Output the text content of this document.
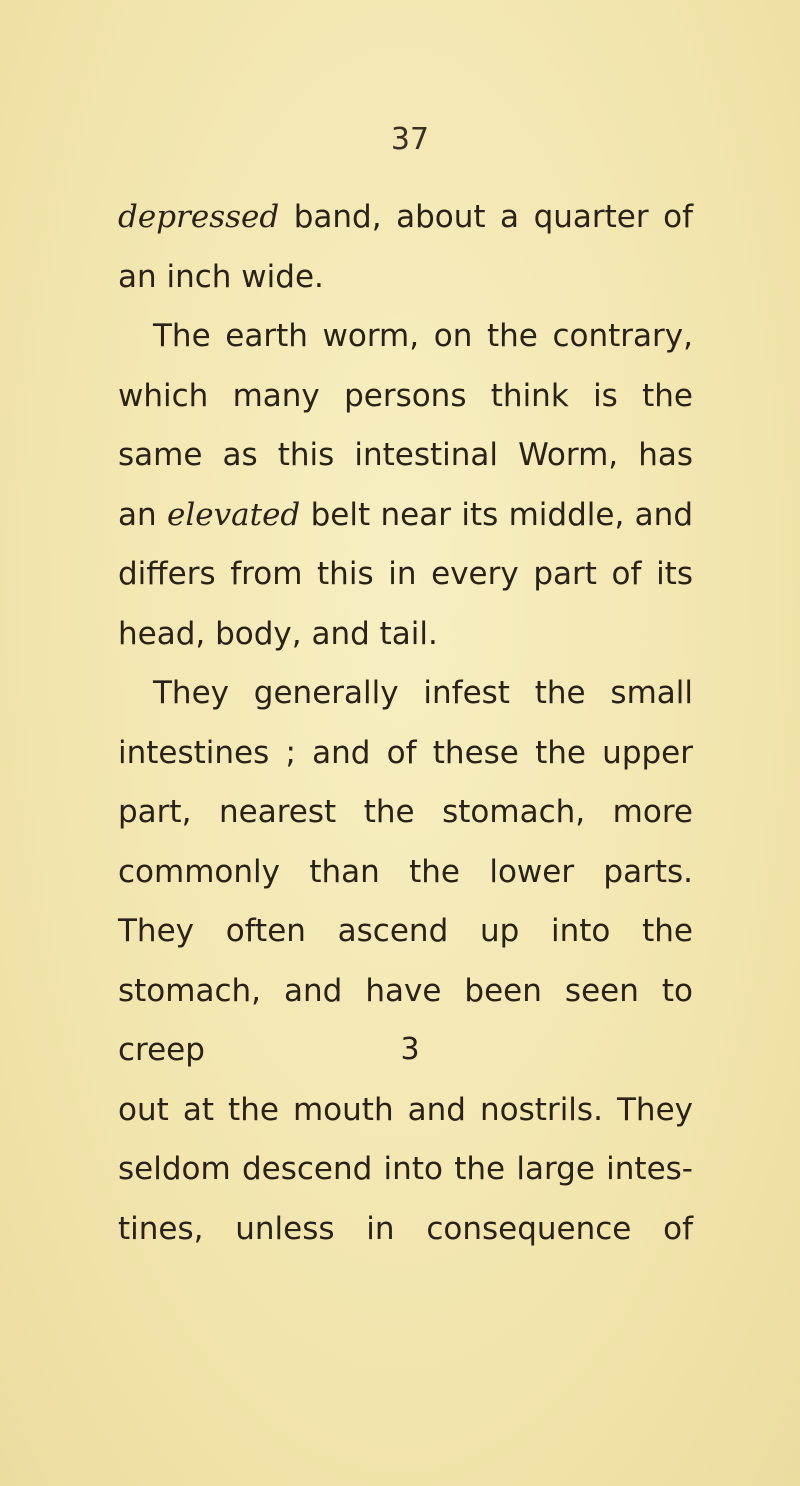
37

depressed band, about a quarter of

an inch wide.

The earth worm, on the contrary,

which many persons think is the

same as this intestinal Worm, has

an elevated belt near its middle, and

differs from this in every part of its

head, body, and tail.

They generally infest the small

intestines ; and of these the upper

part, nearest the stomach, more

commonly than the lower parts.

They often ascend up into the

stomach, and have been seen to creep

out at the mouth and nostrils. They

seldom descend into the large intes-

tines, unless in consequence of

3
